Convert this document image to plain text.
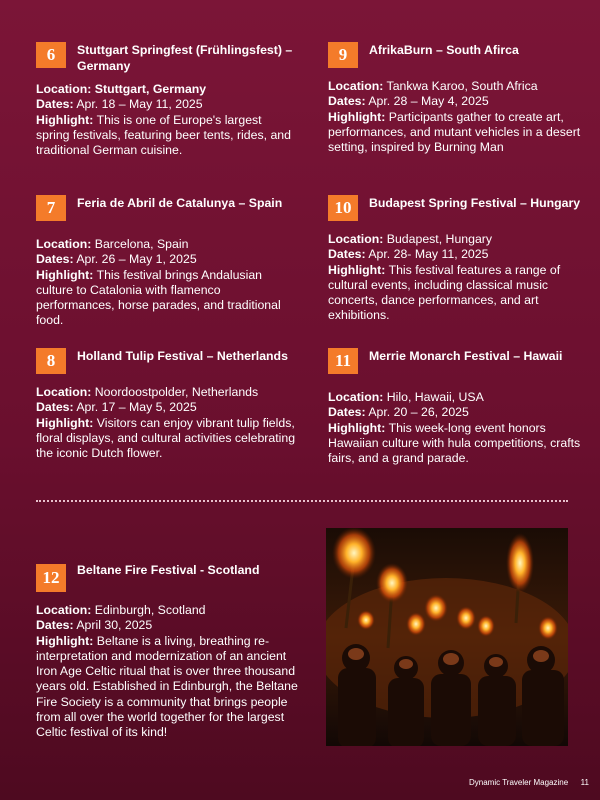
6	Stuttgart Springfest (Frühlingsfest) – Germany
Location: Stuttgart, Germany
Dates: Apr. 18 – May 11, 2025
Highlight: This is one of Europe's largest spring festivals, featuring beer tents, rides, and traditional German cuisine.
9	AfrikaBurn – South Afirca
Location: Tankwa Karoo, South Africa
Dates: Apr. 28 – May 4, 2025
Highlight: Participants gather to create art, performances, and mutant vehicles in a desert setting, inspired by Burning Man
7	Feria de Abril de Catalunya – Spain
Location: Barcelona, Spain
Dates: Apr. 26 – May 1, 2025
Highlight: This festival brings Andalusian culture to Catalonia with flamenco performances, horse parades, and traditional food.
10	Budapest Spring Festival – Hungary
Location: Budapest, Hungary
Dates: Apr. 28- May 11, 2025
Highlight: This festival features a range of cultural events, including classical music concerts, dance performances, and art exhibitions.
8	Holland Tulip Festival – Netherlands
Location: Noordoostpolder, Netherlands
Dates: Apr. 17 – May 5, 2025
Highlight: Visitors can enjoy vibrant tulip fields, floral displays, and cultural activities celebrating the iconic Dutch flower.
11	Merrie Monarch Festival – Hawaii
Location: Hilo, Hawaii, USA
Dates: Apr. 20 – 26, 2025
Highlight: This week-long event honors Hawaiian culture with hula competitions, crafts fairs, and a grand parade.
12	Beltane Fire Festival - Scotland
Location: Edinburgh, Scotland
Dates: April 30, 2025
Highlight: Beltane is a living, breathing re-interpretation and modernization of an ancient Iron Age Celtic ritual that is over three thousand years old. Established in Edinburgh, the Beltane Fire Society is a community that brings people from all over the world together for the largest Celtic festival of its kind!
Dynamic Traveler Magazine 11
